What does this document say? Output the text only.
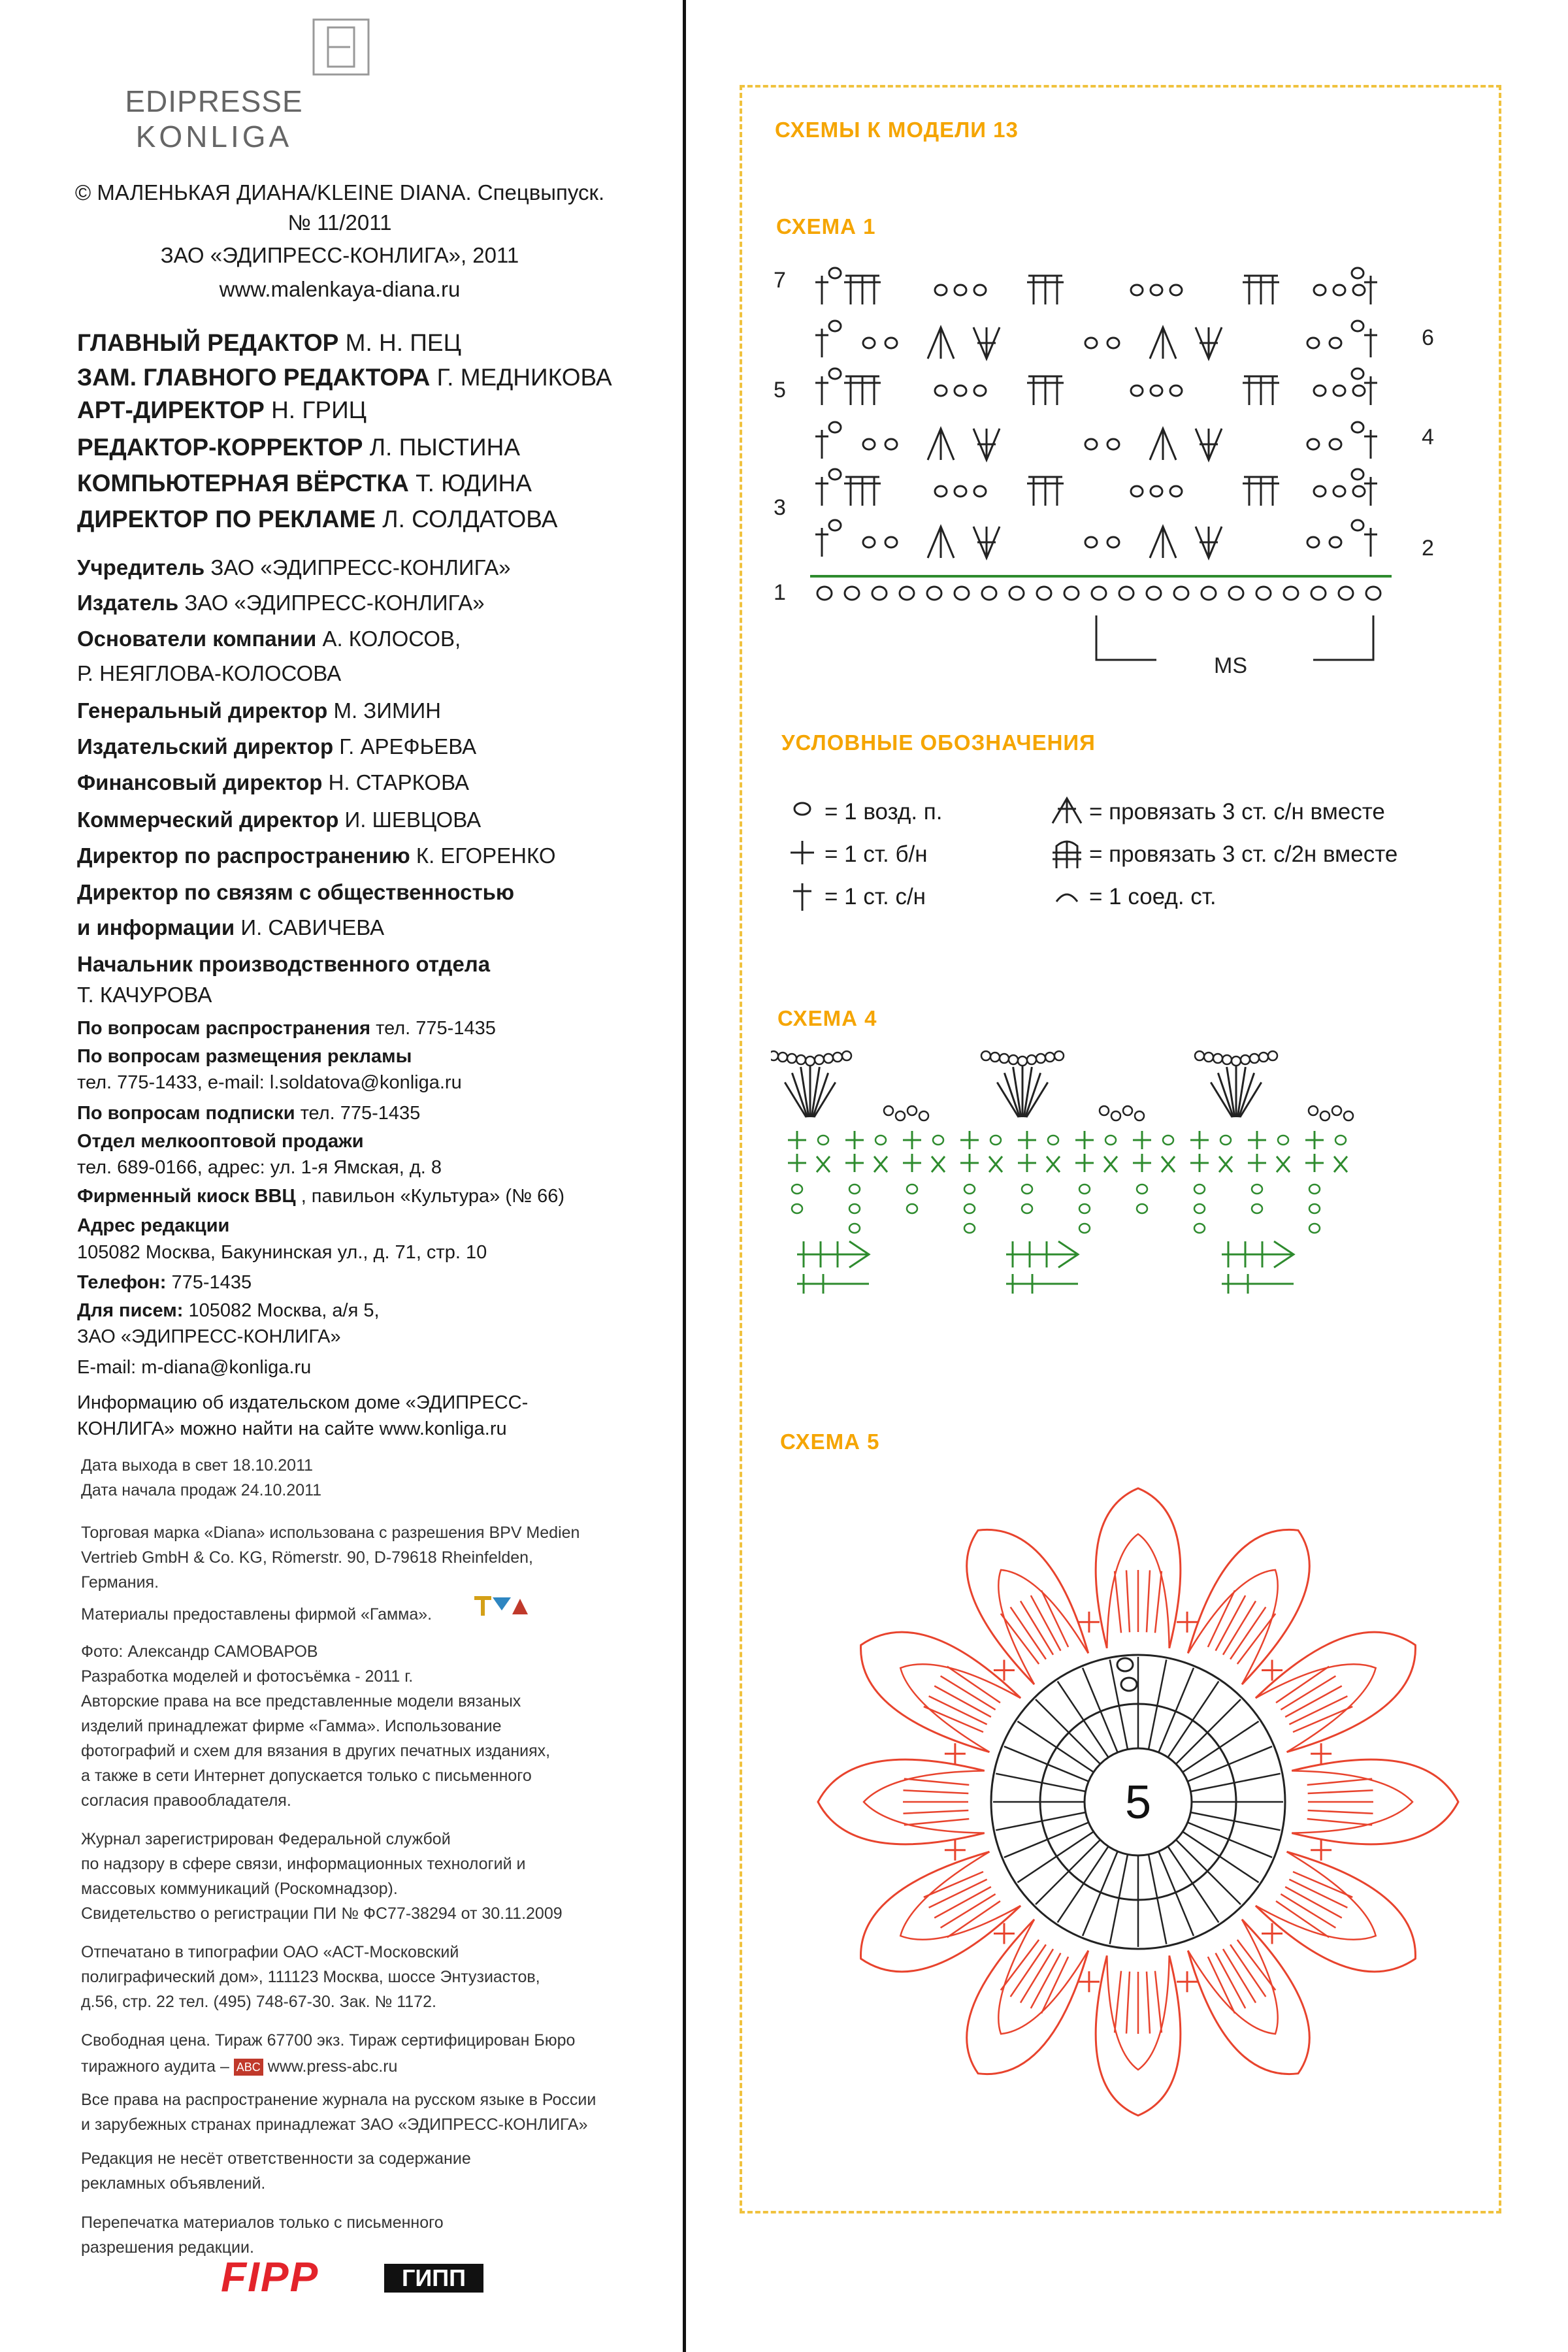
EDIPRESSE
KONLIGA
© МАЛЕНЬКАЯ ДИАНА/KLEINE DIANA. Спецвыпуск.
№ 11/2011
ЗАО «ЭДИПРЕСС-КОНЛИГА», 2011
www.malenkaya-diana.ru
ГЛАВНЫЙ РЕДАКТОР М. Н. ПЕЦ
ЗАМ. ГЛАВНОГО РЕДАКТОРА Г. МЕДНИКОВА
АРТ-ДИРЕКТОР Н. ГРИЦ
РЕДАКТОР-КОРРЕКТОР Л. ПЫСТИНА
КОМПЬЮТЕРНАЯ ВЁРСТКА Т. ЮДИНА
ДИРЕКТОР ПО РЕКЛАМЕ Л. СОЛДАТОВА
Учредитель ЗАО «ЭДИПРЕСС-КОНЛИГА»
Издатель ЗАО «ЭДИПРЕСС-КОНЛИГА»
Основатели компании А. КОЛОСОВ,
Р. НЕЯГЛОВА-КОЛОСОВА
Генеральный директор М. ЗИМИН
Издательский директор Г. АРЕФЬЕВА
Финансовый директор Н. СТАРКОВА
Коммерческий директор И. ШЕВЦОВА
Директор по распространению К. ЕГОРЕНКО
Директор по связям с общественностью
и информации И. САВИЧЕВА
Начальник производственного отдела
Т. КАЧУРОВА
По вопросам распространения тел. 775-1435
По вопросам размещения рекламы
тел. 775-1433, e-mail: l.soldatova@konliga.ru
По вопросам подписки тел. 775-1435
Отдел мелкооптовой продажи
тел. 689-0166, адрес: ул. 1-я Ямская, д. 8
Фирменный киоск ВВЦ , павильон «Культура» (№ 66)
Адрес редакции
105082 Москва, Бакунинская ул., д. 71, стр. 10
Телефон: 775-1435
Для писем: 105082 Москва, а/я 5,
ЗАО «ЭДИПРЕСС-КОНЛИГА»
E-mail: m-diana@konliga.ru
Информацию об издательском доме «ЭДИПРЕСС-
КОНЛИГА» можно найти на сайте www.konliga.ru
Дата выхода в свет 18.10.2011
Дата начала продаж 24.10.2011
Торговая марка «Diana» использована с разрешения BPV Medien
Vertrieb GmbH & Co. KG, Römerstr. 90, D-79618 Rheinfelden,
Германия.
Материалы предоставлены фирмой «Гамма».
Фото: Александр САМОВАРОВ
Разработка моделей и фотосъёмка - 2011 г.
Авторские права на все представленные модели вязаных
изделий принадлежат фирме «Гамма». Использование
фотографий и схем для вязания в других печатных изданиях,
а также в сети Интернет допускается только с письменного
согласия правообладателя.
Журнал зарегистрирован Федеральной службой
по надзору в сфере связи, информационных технологий и
массовых коммуникаций (Роскомнадзор).
Свидетельство о регистрации ПИ № ФС77-38294 от 30.11.2009
Отпечатано в типографии ОАО «АСТ-Московский
полиграфический дом», 111123 Москва, шоссе Энтузиастов,
д.56, стр. 22 тел. (495) 748-67-30. Зак. № 1172.
Свободная цена. Тираж 67700 экз. Тираж сертифицирован Бюро
Все права на распространение журнала на русском языке в России
и зарубежных странах принадлежат ЗАО «ЭДИПРЕСС-КОНЛИГА»
Редакция не несёт ответственности за содержание
рекламных объявлений.
Перепечатка материалов только с письменного
разрешения редакции.
тиражного аудита – ABC www.press-abc.ru
FIPP	ГИПП
СХЕМЫ К МОДЕЛИ 13
СХЕМА 1
УСЛОВНЫЕ ОБОЗНАЧЕНИЯ
СХЕМА 4
СХЕМА 5
7
5
3
1
6
4
2
MS
= 1 возд. п.
= 1 ст. б/н
= 1 ст. с/н
= провязать 3 ст. с/н вместе
= провязать 3 ст. с/2н вместе
= 1 соед. ст.
5
